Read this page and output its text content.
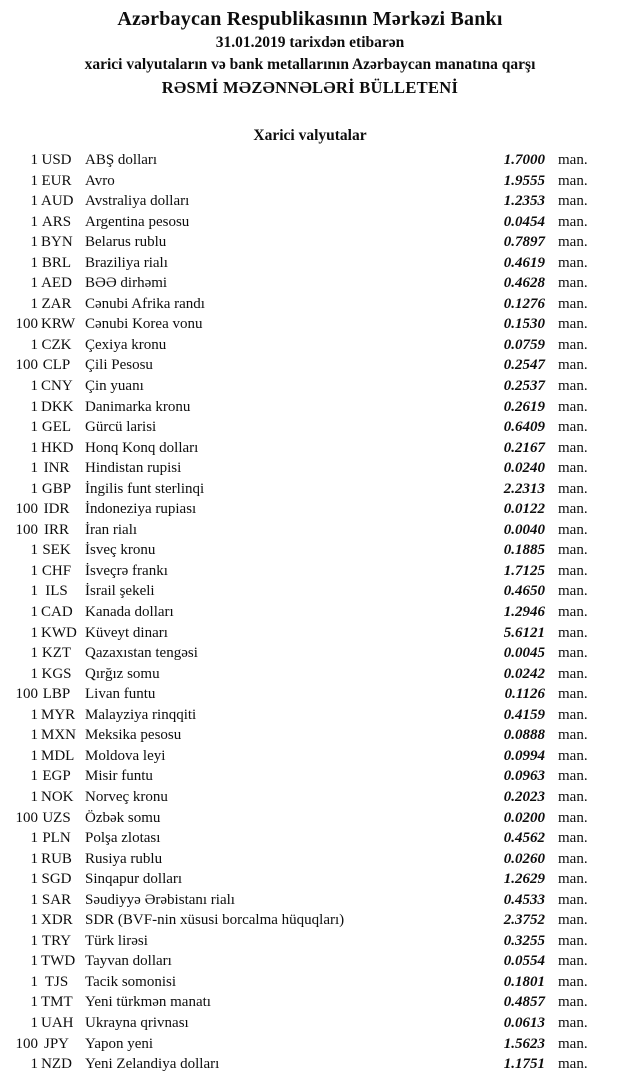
Azərbaycan Respublikasının Mərkəzi Bankı
31.01.2019 tarixdən etibarən
xarici valyutaların və bank metallarının Azərbaycan manatına qarşı
RƏSMİ MƏZƏNNƏLƏRİ BÜLLETENİ
Xarici valyutalar
1 USD ABŞ dolları	1.7000 man.
1 EUR Avro	1.9555 man.
1 AUD Avstraliya dolları	1.2353 man.
1 ARS Argentina pesosu	0.0454 man.
1 BYN Belarus rublu	0.7897 man.
1 BRL Braziliya rialı	0.4619 man.
1 AED BƏƏ dirhəmi	0.4628 man.
1 ZAR Cənubi Afrika randı	0.1276 man.
100 KRW Cənubi Korea vonu	0.1530 man.
1 CZK Çexiya kronu	0.0759 man.
100 CLP Çili Pesosu	0.2547 man.
1 CNY Çin yuanı	0.2537 man.
1 DKK Danimarka kronu	0.2619 man.
1 GEL Gürcü larisi	0.6409 man.
1 HKD Honq Konq dolları	0.2167 man.
1 INR	Hindistan rupisi	0.0240 man.
1 GBP İngilis funt sterlinqi	2.2313 man.
100 IDR	İndoneziya rupiası	0.0122 man.
100 IRR	İran rialı	0.0040 man.
1 SEK İsveç kronu	0.1885 man.
1 CHF İsveçrə frankı	1.7125 man.
1 ILS	İsrail şekeli	0.4650 man.
1 CAD Kanada dolları	1.2946 man.
1 KWD Küveyt dinarı	5.6121 man.
1 KZT Qazaxıstan tengəsi	0.0045 man.
1 KGS Qırğız somu	0.0242 man.
100 LBP Livan funtu	0.1126 man.
1 MYR Malayziya rinqqiti	0.4159 man.
1 MXN Meksika pesosu	0.0888 man.
1 MDL Moldova leyi	0.0994 man.
1 EGP Misir funtu	0.0963 man.
1 NOK Norveç kronu	0.2023 man.
100 UZS Özbək somu	0.0200 man.
1 PLN Polşa zlotası	0.4562 man.
1 RUB Rusiya rublu	0.0260 man.
1 SGD Sinqapur dolları	1.2629 man.
1 SAR Səudiyyə Ərəbistanı rialı	0.4533 man.
1 XDR SDR (BVF-nin xüsusi borcalma hüquqları)	2.3752 man.
1 TRY Türk lirəsi	0.3255 man.
1 TWD Tayvan dolları	0.0554 man.
1 TJS	Tacik somonisi	0.1801 man.
1 TMT Yeni türkmən manatı	0.4857 man.
1 UAH Ukrayna qrivnası	0.0613 man.
100 JPY	Yapon yeni	1.5623 man.
1 NZD Yeni Zelandiya dolları	1.1751 man.
